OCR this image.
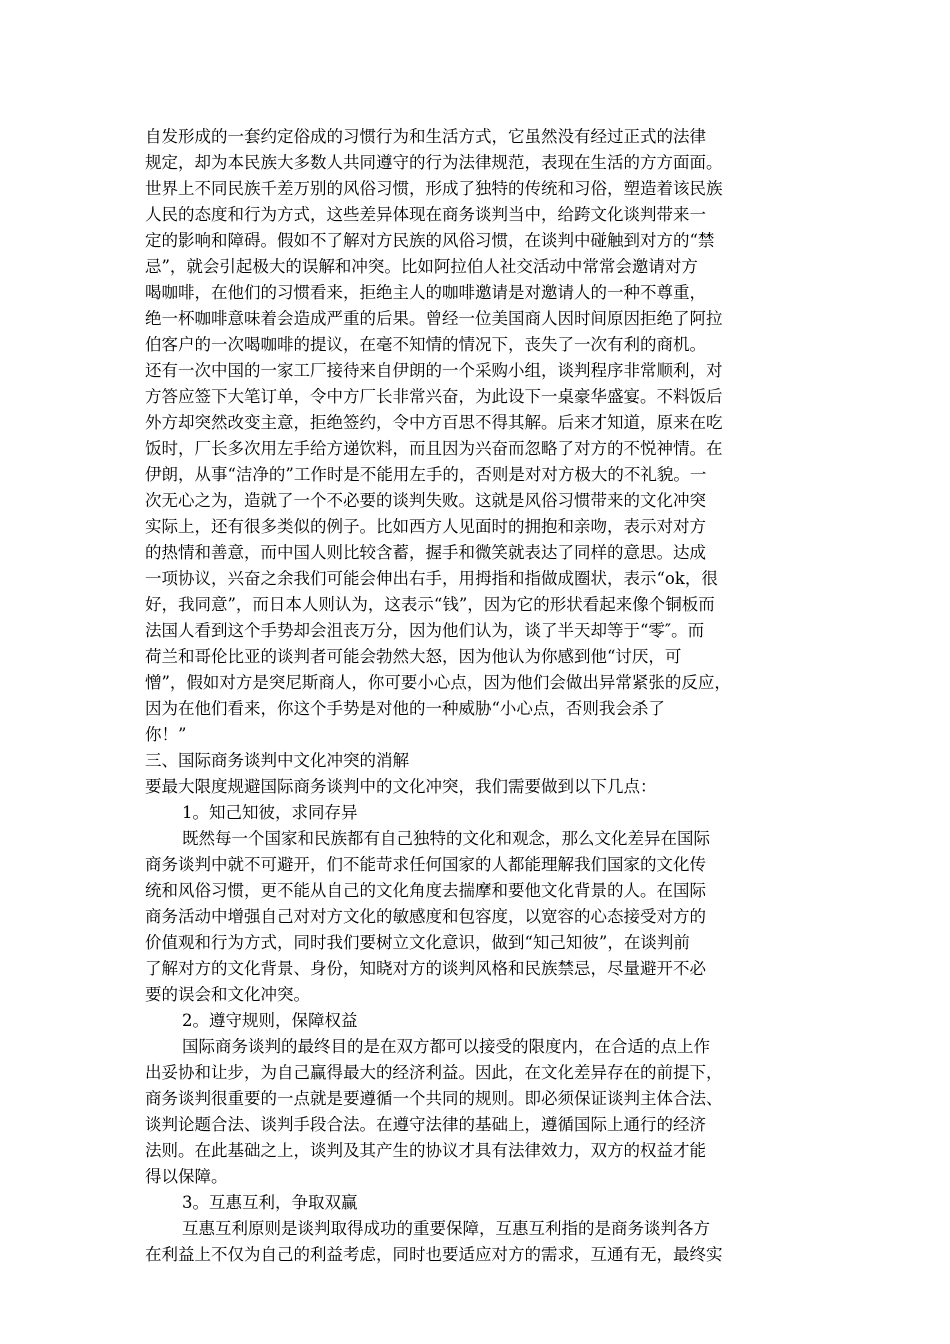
自发形成的一套约定俗成的习惯行为和生活方式，它虽然没有经过正式的法律

规定，却为本民族大多数人共同遵守的行为法律规范，表现在生活的方方面面。

世界上不同民族千差万别的风俗习惯，形成了独特的传统和习俗，塑造着该民族

人民的态度和行为方式，这些差异体现在商务谈判当中，给跨文化谈判带来一

定的影响和障碍。假如不了解对方民族的风俗习惯，在谈判中碰触到对方的“禁

忌”，就会引起极大的误解和冲突。比如阿拉伯人社交活动中常常会邀请对方

喝咖啡，在他们的习惯看来，拒绝主人的咖啡邀请是对邀请人的一种不尊重，

绝一杯咖啡意味着会造成严重的后果。曾经一位美国商人因时间原因拒绝了阿拉

伯客户的一次喝咖啡的提议，在毫不知情的情况下，丧失了一次有利的商机。

还有一次中国的一家工厂接待来自伊朗的一个采购小组，谈判程序非常顺利，对

方答应签下大笔订单，令中方厂长非常兴奋，为此设下一桌豪华盛宴。不料饭后

外方却突然改变主意，拒绝签约，令中方百思不得其解。后来才知道，原来在吃

饭时，厂长多次用左手给方递饮料，而且因为兴奋而忽略了对方的不悦神情。在

伊朗，从事“洁净的”工作时是不能用左手的，否则是对对方极大的不礼貌。一

次无心之为，造就了一个不必要的谈判失败。这就是风俗习惯带来的文化冲突

实际上，还有很多类似的例子。比如西方人见面时的拥抱和亲吻，表示对对方

的热情和善意，而中国人则比较含蓄，握手和微笑就表达了同样的意思。达成

一项协议，兴奋之余我们可能会伸出右手，用拇指和指做成圈状，表示“ok，很

好，我同意”，而日本人则认为，这表示“钱”，因为它的形状看起来像个铜板而

法国人看到这个手势却会沮丧万分，因为他们认为，谈了半天却等于“零″。而

荷兰和哥伦比亚的谈判者可能会勃然大怒，因为他认为你感到他“讨厌，可

憎”，假如对方是突尼斯商人，你可要小心点，因为他们会做出异常紧张的反应，

因为在他们看来，你这个手势是对他的一种威胁“小心点，否则我会杀了

你！”

三、国际商务谈判中文化冲突的消解

要最大限度规避国际商务谈判中的文化冲突，我们需要做到以下几点：

1。知己知彼，求同存异

既然每一个国家和民族都有自己独特的文化和观念，那么文化差异在国际

商务谈判中就不可避开，们不能苛求任何国家的人都能理解我们国家的文化传

统和风俗习惯，更不能从自己的文化角度去揣摩和要他文化背景的人。在国际

商务活动中增强自己对对方文化的敏感度和包容度，以宽容的心态接受对方的

价值观和行为方式，同时我们要树立文化意识，做到“知己知彼”，在谈判前

了解对方的文化背景、身份，知晓对方的谈判风格和民族禁忌，尽量避开不必

要的误会和文化冲突。

2。遵守规则，保障权益

国际商务谈判的最终目的是在双方都可以接受的限度内，在合适的点上作

出妥协和让步，为自己赢得最大的经济利益。因此，在文化差异存在的前提下，

商务谈判很重要的一点就是要遵循一个共同的规则。即必须保证谈判主体合法、

谈判论题合法、谈判手段合法。在遵守法律的基础上，遵循国际上通行的经济

法则。在此基础之上，谈判及其产生的协议才具有法律效力，双方的权益才能

得以保障。

3。互惠互利，争取双赢

互惠互利原则是谈判取得成功的重要保障，互惠互利指的是商务谈判各方

在利益上不仅为自己的利益考虑，同时也要适应对方的需求，互通有无，最终实
